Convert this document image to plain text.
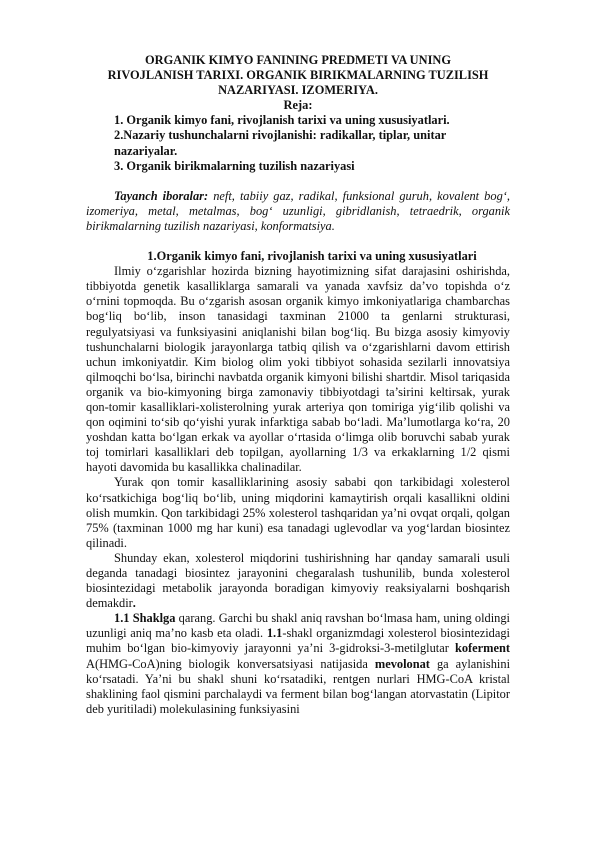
ORGANIK KIMYO FANINING PREDMETI VA UNING
RIVOJLANISH TARIXI. ORGANIK BIRIKMALARNING TUZILISH
NAZARIYASI. IZOMERIYA.
Reja:
1. Organik kimyo fani, rivojlanish tarixi va uning xususiyatlari.
2.Nazariy tushunchalarni rivojlanishi: radikallar, tiplar, unitar nazariyalar.
3. Organik birikmalarning tuzilish nazariyasi

Tayanch iboralar: neft, tabiiy gaz, radikal, funksional guruh, kovalent bog‘, izomeriya, metal, metalmas, bog‘ uzunligi, gibridlanish, tetraedrik, organik birikmalarning tuzilish nazariyasi, konformatsiya.

1.Organik kimyo fani, rivojlanish tarixi va uning xususiyatlari

Ilmiy o‘zgarishlar hozirda bizning hayotimizning sifat darajasini oshirishda, tibbiyotda genetik kasalliklarga samarali va yanada xavfsiz da’vo topishda o‘z o‘rnini topmoqda. Bu o‘zgarish asosan organik kimyo imkoniyatlariga chambarchas bog‘liq bo‘lib, inson tanasidagi taxminan 21000 ta genlarni strukturasi, regulyatsiyasi va funksiyasini aniqlanishi bilan bog‘liq. Bu bizga asosiy kimyoviy tushunchalarni biologik jarayonlarga tatbiq qilish va o‘zgarishlarni davom ettirish uchun imkoniyatdir. Kim biolog olim yoki tibbiyot sohasida sezilarli innovatsiya qilmoqchi bo‘lsa, birinchi navbatda organik kimyoni bilishi shartdir. Misol tariqasida organik va bio-kimyoning birga zamonaviy tibbiyotdagi ta’sirini keltirsak, yurak qon-tomir kasalliklari-xolisterolning yurak arteriya qon tomiriga yig‘ilib qolishi va qon oqimini to‘sib qo‘yishi yurak infarktiga sabab bo‘ladi. Ma’lumotlarga ko‘ra, 20 yoshdan katta bo‘lgan erkak va ayollar o‘rtasida o‘limga olib boruvchi sabab yurak toj tomirlari kasalliklari deb topilgan, ayollarning 1/3 va erkaklarning 1/2 qismi hayoti davomida bu kasallikka chalinadilar.

Yurak qon tomir kasalliklarining asosiy sababi qon tarkibidagi xolesterol ko‘rsatkichiga bog‘liq bo‘lib, uning miqdorini kamaytirish orqali kasallikni oldini olish mumkin. Qon tarkibidagi 25% xolesterol tashqaridan ya’ni ovqat orqali, qolgan 75% (taxminan 1000 mg har kuni) esa tanadagi uglevodlar va yog‘lardan biosintez qilinadi.

Shunday ekan, xolesterol miqdorini tushirishning har qanday samarali usuli deganda tanadagi biosintez jarayonini chegaralash tushunilib, bunda xolesterol biosintezidagi metabolik jarayonda boradigan kimyoviy reaksiyalarni boshqarish demakdir.

1.1 Shaklga qarang. Garchi bu shakl aniq ravshan bo‘lmasa ham, uning oldingi uzunligi aniq ma’no kasb eta oladi. 1.1-shakl organizmdagi xolesterol biosintezidagi muhim bo‘lgan bio-kimyoviy jarayonni ya’ni 3-gidroksi-3-metilglutar koferment A(HMG-CoA)ning biologik konversatsiyasi natijasida mevolonat ga aylanishini ko‘rsatadi. Ya’ni bu shakl shuni ko‘rsatadiki, rentgen nurlari HMG-CoA kristal shaklining faol qismini parchalaydi va ferment bilan bog‘langan atorvastatin (Lipitor deb yuritiladi) molekulasining funksiyasini
